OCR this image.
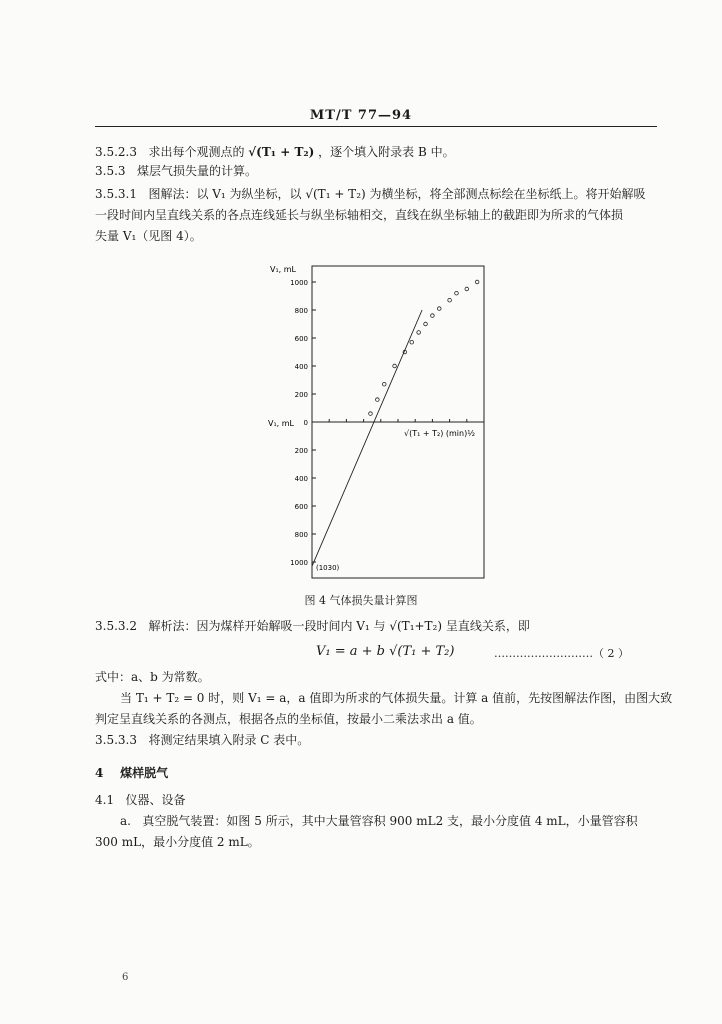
MT/T 77—94
3.5.2.3 求出每个观测点的 √(T₁ + T₂) ，逐个填入附录表 B 中。
3.5.3 煤层气损失量的计算。
3.5.3.1 图解法：以 V₁ 为纵坐标，以 √(T₁ + T₂) 为横坐标，将全部测点标绘在坐标纸上。将开始解吸
一段时间内呈直线关系的各点连线延长与纵坐标轴相交，直线在纵坐标轴上的截距即为所求的气体损
失量 V₁（见图 4）。
V₁, mL
V₁, mL
√(T₁ + T₂) (min)½
(1030)
1000
800
600
400
200
0
200
400
600
800
1000
图 4 气体损失量计算图
3.5.3.2 解析法：因为煤样开始解吸一段时间内 V₁ 与 √(T₁+T₂) 呈直线关系，即
V₁ = a + b √(T₁ + T₂)	………………………（ 2 ）
式中：a、b 为常数。
当 T₁ + T₂ = 0 时，则 V₁ = a，a 值即为所求的气体损失量。计算 a 值前，先按图解法作图，由图大致
判定呈直线关系的各测点，根据各点的坐标值，按最小二乘法求出 a 值。
3.5.3.3 将测定结果填入附录 C 表中。
4 煤样脱气
4.1 仪器、设备
a. 真空脱气装置：如图 5 所示，其中大量管容积 900 mL2 支，最小分度值 4 mL，小量管容积
300 mL，最小分度值 2 mL。
6
